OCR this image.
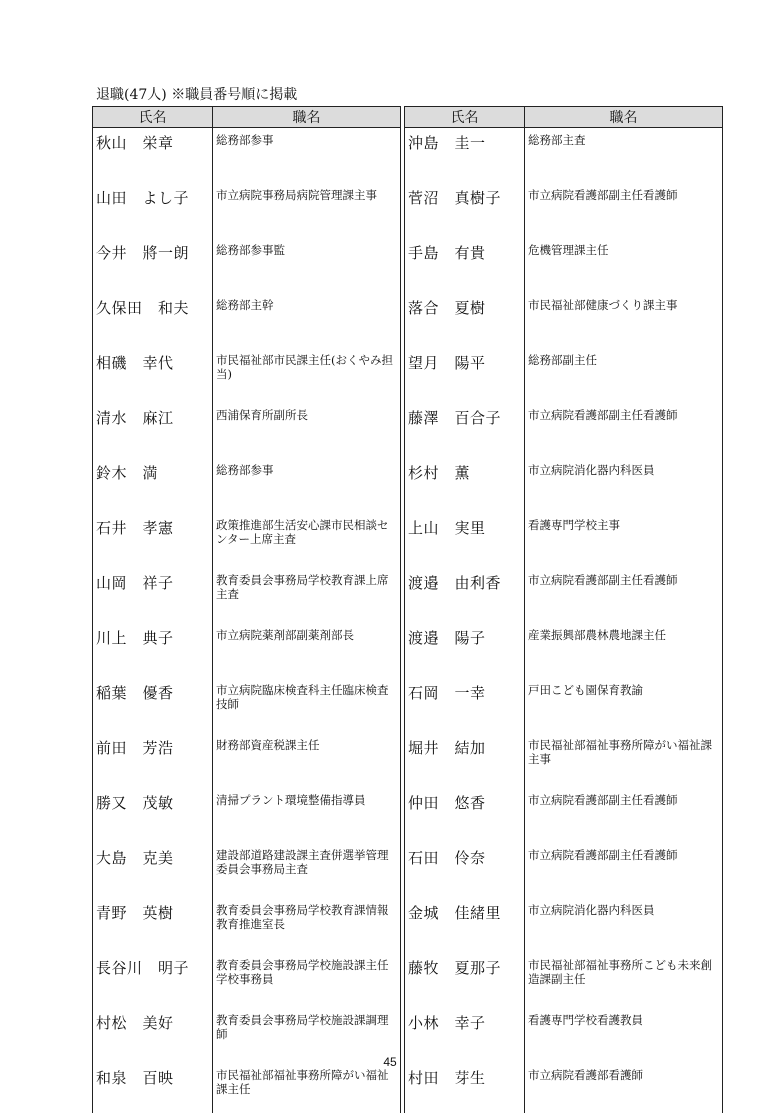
退職(47人) ※職員番号順に掲載
氏名	職名		氏名	職名
秋山　栄章	総務部参事		沖島　圭一	総務部主査
山田　よし子	市立病院事務局病院管理課主事		菅沼　真樹子	市立病院看護部副主任看護師
今井　將一朗	総務部参事監		手島　有貴	危機管理課主任
久保田　和夫	総務部主幹		落合　夏樹	市民福祉部健康づくり課主事
相磯　幸代	市民福祉部市民課主任(おくやみ担当)		望月　陽平	総務部副主任
清水　麻江	西浦保育所副所長		藤澤　百合子	市立病院看護部副主任看護師
鈴木　満	総務部参事		杉村　薫	市立病院消化器内科医員
石井　孝憲	政策推進部生活安心課市民相談センター上席主査		上山　実里	看護専門学校主事
山岡　祥子	教育委員会事務局学校教育課上席主査		渡邉　由利香	市立病院看護部副主任看護師
川上　典子	市立病院薬剤部副薬剤部長		渡邉　陽子	産業振興部農林農地課主任
稲葉　優香	市立病院臨床検査科主任臨床検査技師		石岡　一幸	戸田こども園保育教諭
前田　芳浩	財務部資産税課主任		堀井　結加	市民福祉部福祉事務所障がい福祉課主事
勝又　茂敏	清掃プラント環境整備指導員		仲田　悠香	市立病院看護部副主任看護師
大島　克美	建設部道路建設課主査併選挙管理委員会事務局主査		石田　伶奈	市立病院看護部副主任看護師
青野　英樹	教育委員会事務局学校教育課情報教育推進室長		金城　佳緒里	市立病院消化器内科医員
長谷川　明子	教育委員会事務局学校施設課主任学校事務員		藤牧　夏那子	市民福祉部福祉事務所こども未来創造課副主任
村松　美好	教育委員会事務局学校施設課調理師		小林　幸子	看護専門学校看護教員
和泉　百映	市民福祉部福祉事務所障がい福祉課主任		村田　芽生	市立病院看護部看護師
45
